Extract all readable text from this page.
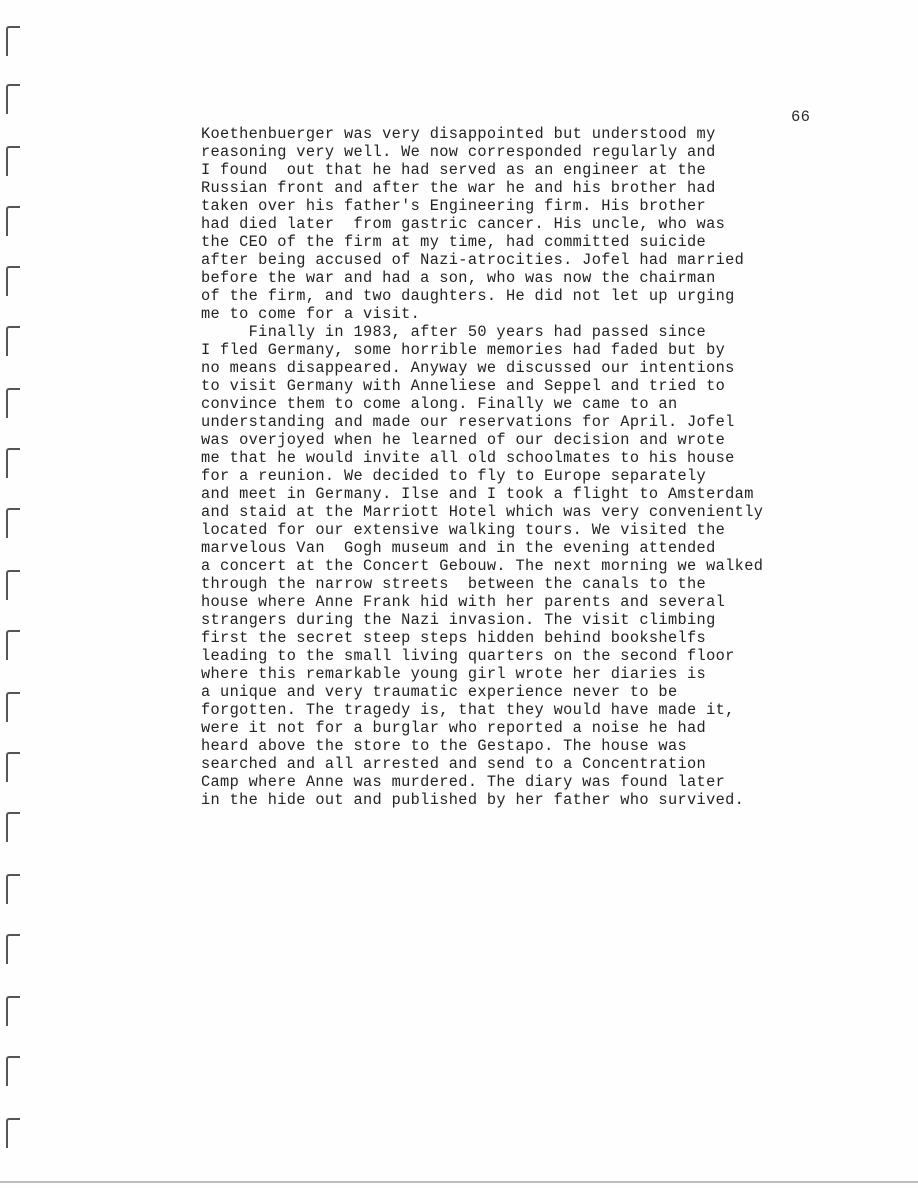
66
Koethenbuerger was very disappointed but understood my
reasoning very well. We now corresponded regularly and
I found  out that he had served as an engineer at the
Russian front and after the war he and his brother had
taken over his father's Engineering firm. His brother
had died later  from gastric cancer. His uncle, who was
the CEO of the firm at my time, had committed suicide
after being accused of Nazi-atrocities. Jofel had married
before the war and had a son, who was now the chairman
of the firm, and two daughters. He did not let up urging
me to come for a visit.
Finally in 1983, after 50 years had passed since
I fled Germany, some horrible memories had faded but by
no means disappeared. Anyway we discussed our intentions
to visit Germany with Anneliese and Seppel and tried to
convince them to come along. Finally we came to an
understanding and made our reservations for April. Jofel
was overjoyed when he learned of our decision and wrote
me that he would invite all old schoolmates to his house
for a reunion. We decided to fly to Europe separately
and meet in Germany. Ilse and I took a flight to Amsterdam
and staid at the Marriott Hotel which was very conveniently
located for our extensive walking tours. We visited the
marvelous Van  Gogh museum and in the evening attended
a concert at the Concert Gebouw. The next morning we walked
through the narrow streets  between the canals to the
house where Anne Frank hid with her parents and several
strangers during the Nazi invasion. The visit climbing
first the secret steep steps hidden behind bookshelfs
leading to the small living quarters on the second floor
where this remarkable young girl wrote her diaries is
a unique and very traumatic experience never to be
forgotten. The tragedy is, that they would have made it,
were it not for a burglar who reported a noise he had
heard above the store to the Gestapo. The house was
searched and all arrested and send to a Concentration
Camp where Anne was murdered. The diary was found later
in the hide out and published by her father who survived.
